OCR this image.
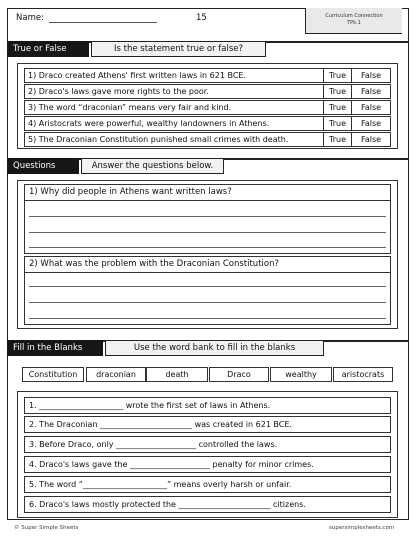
Name:	15	Curriculum Connection
TPk.1
True or False	Is the statement true or false?
1) Draco created Athens' first written laws in 621 BCE.	True	False
2) Draco's laws gave more rights to the poor.	True	False
3) The word “draconian” means very fair and kind.	True	False
4) Aristocrats were powerful, wealthy landowners in Athens.	True	False
5) The Draconian Constitution punished small crimes with death.	True	False
Questions	Answer the questions below.
1) Why did people in Athens want written laws?
2) What was the problem with the Draconian Constitution?
Fill in the Blanks	Use the word bank to fill in the blanks
Constitution	draconian	death	Draco	wealthy	aristocrats
1. _____________________ wrote the first set of laws in Athens.
2. The Draconian _______________________ was created in 621 BCE.
3. Before Draco, only ____________________ controlled the laws.
4. Draco's laws gave the ____________________ penalty for minor crimes.
5. The word “_____________________” means overly harsh or unfair.
6. Draco's laws mostly protected the _______________________ citizens.
© Super Simple Sheets	supersimplesheets.com
